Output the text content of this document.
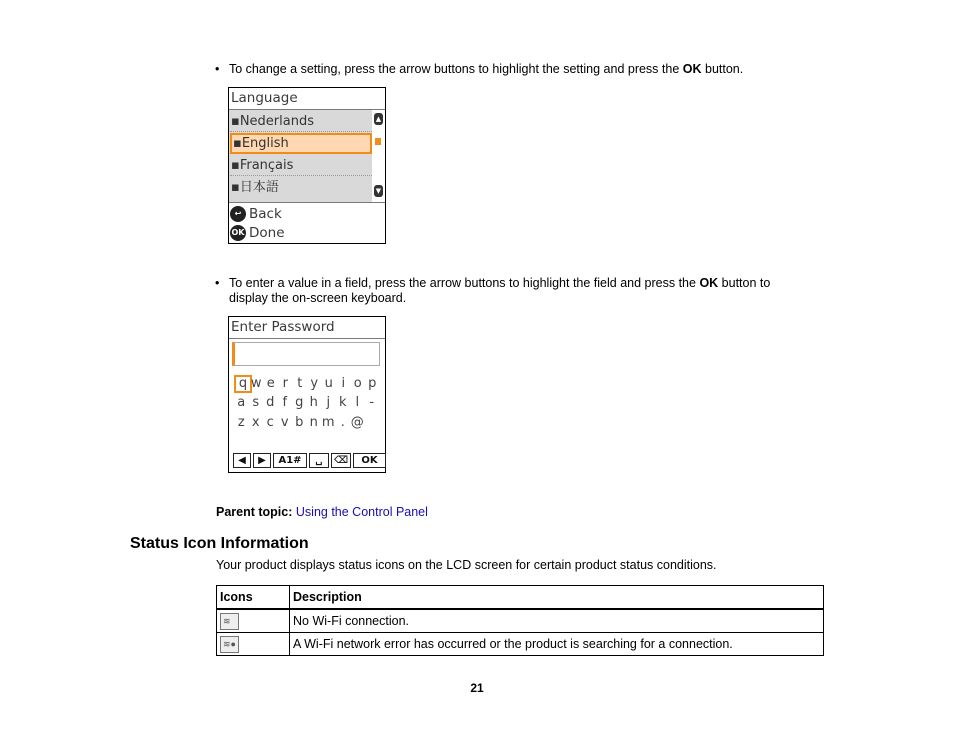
• To change a setting, press the arrow buttons to highlight the setting and press the OK button.
Language
▪Nederlands
▪English
▪Français
▪日本語
▲
▼
↩ Back
OK Done
• To enter a value in a field, press the arrow buttons to highlight the field and press the OK button to
display the on-screen keyboard.
Enter Password
q w e r t y u i o p
a s d f g h j k l -
z x c v b n m . @
◀	▶	A1#	␣	⌫	OK
Parent topic: Using the Control Panel
Status Icon Information
Your product displays status icons on the LCD screen for certain product status conditions.
Icons	Description

≋	No Wi-Fi connection.

≋●	A Wi-Fi network error has occurred or the product is searching for a connection.
21
